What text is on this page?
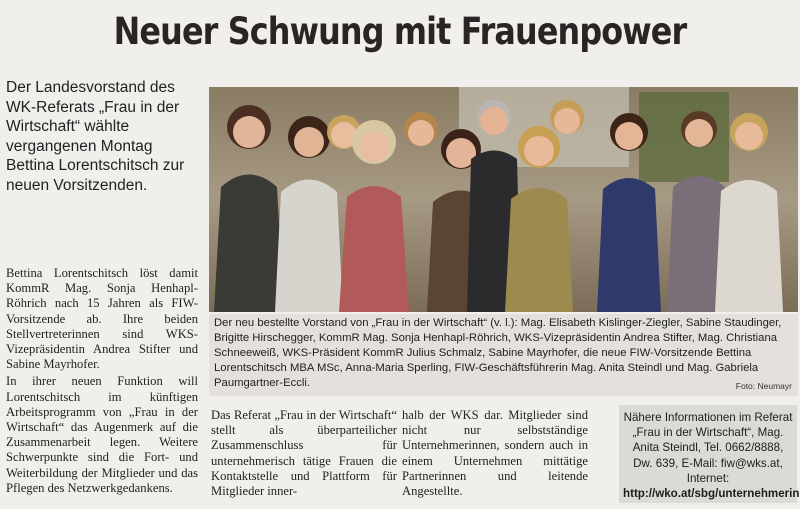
Neuer Schwung mit Frauenpower
Der Landesvorstand des WK-Referats „Frau in der Wirtschaft“ wählte vergangenen Montag Bettina Lorentschitsch zur neuen Vorsitzenden.

Bettina Lorentschitsch löst damit KommR Mag. Sonja Henhapl-Röhrich nach 15 Jahren als FIW-Vorsitzende ab. Ihre beiden Stellvertreterinnen sind WKS-Vizepräsidentin Andrea Stifter und Sabine Mayrhofer.

In ihrer neuen Funktion will Lorentschitsch im künftigen Arbeitsprogramm von „Frau in der Wirtschaft“ das Augenmerk auf die Zusammenarbeit legen. Weitere Schwerpunkte sind die Fort- und Weiterbildung der Mitglieder und das Pflegen des Netzwerkgedankens.

Der neu bestellte Vorstand von „Frau in der Wirtschaft“ (v. l.): Mag. Elisabeth Kislinger-Ziegler, Sabine Staudinger, Brigitte Hirschegger, KommR Mag. Sonja Henhapl-Röhrich, WKS-Vizepräsidentin Andrea Stifter, Mag. Christiana Schneeweiß, WKS-Präsident KommR Julius Schmalz, Sabine Mayrhofer, die neue FIW-Vorsitzende Bettina Lorentschitsch MBA MSc, Anna-Maria Sperling, FIW-Geschäftsführerin Mag. Anita Steindl und Mag. Gabriela Paumgartner-Eccli.	Foto: Neumayr

Das Referat „Frau in der Wirtschaft“ stellt als überparteilicher Zusammenschluss für unternehmerisch tätige Frauen die Kontaktstelle und Plattform für Mitglieder inner-

halb der WKS dar. Mitglieder sind nicht nur selbstständige Unternehmerinnen, sondern auch in einem Unternehmen mittätige Partnerinnen und leitende Angestellte.

Nähere Informationen im Referat „Frau in der Wirtschaft“, Mag. Anita Steindl, Tel. 0662/8888, Dw. 639, E-Mail: fiw@wks.at, Internet: http://wko.at/sbg/unternehmerin
